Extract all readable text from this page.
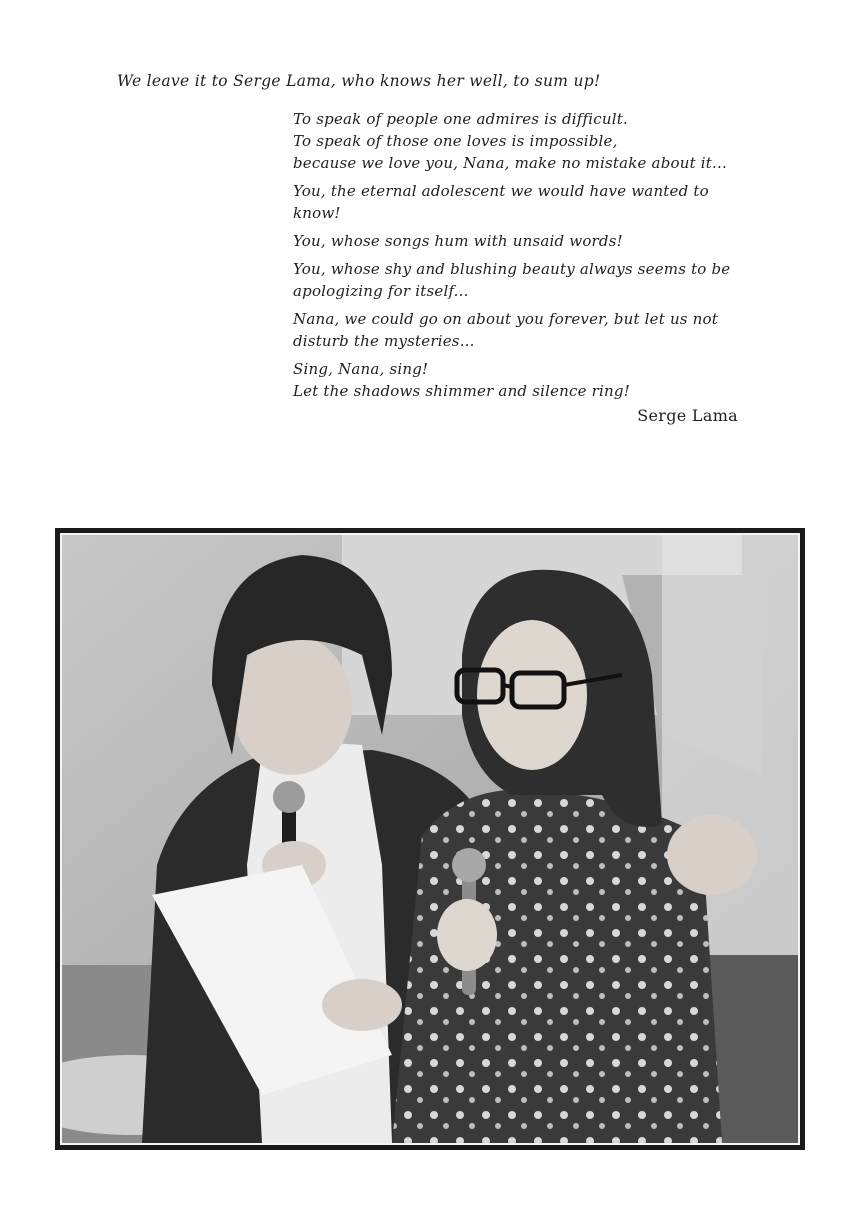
We leave it to Serge Lama, who knows her well, to sum up!

To speak of people one admires is difficult.
To speak of those one loves is impossible,
because we love you, Nana, make no mistake about it...

You, the eternal adolescent we would have wanted to know!

You, whose songs hum with unsaid words!

You, whose shy and blushing beauty always seems to be apologizing for itself...

Nana, we could go on about you forever, but let us not disturb the mysteries...

Sing, Nana, sing!
Let the shadows shimmer and silence ring!

Serge Lama
